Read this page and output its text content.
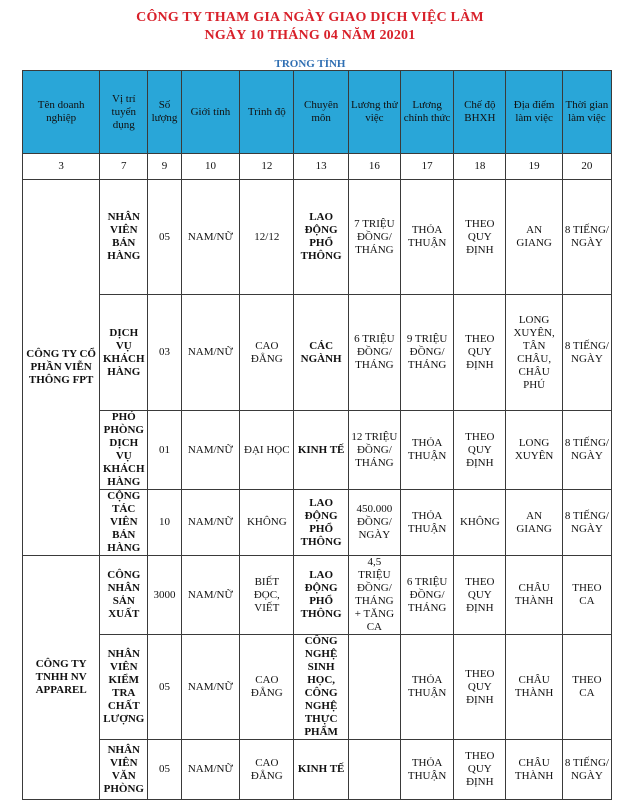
CÔNG TY THAM GIA NGÀY GIAO DỊCH VIỆC LÀM
NGÀY 10 THÁNG 04 NĂM 20201
TRONG TỈNH
Tên doanh nghiệp	Vị trí tuyển dụng	Số lượng	Giới tính	Trình độ	Chuyên môn	Lương thử việc	Lương chính thức	Chế độ BHXH	Địa điểm làm việc	Thời gian làm việc
3	7	9	10	12	13	16	17	18	19	20
CÔNG TY CỔ PHẦN VIỄN THÔNG FPT	NHÂN VIÊN BÁN HÀNG	05	NAM/NỮ	12/12	LAO ĐỘNG PHỔ THÔNG	7 TRIỆU ĐỒNG/ THÁNG	THỎA THUẬN	THEO QUY ĐỊNH	AN GIANG	8 TIẾNG/ NGÀY
	DỊCH VỤ KHÁCH HÀNG	03	NAM/NỮ	CAO ĐẲNG	CÁC NGÀNH	6 TRIỆU ĐỒNG/ THÁNG	9 TRIỆU ĐỒNG/ THÁNG	THEO QUY ĐỊNH	LONG XUYÊN, TÂN CHÂU, CHÂU PHÚ	8 TIẾNG/ NGÀY
	PHÓ PHÒNG DỊCH VỤ KHÁCH HÀNG	01	NAM/NỮ	ĐẠI HỌC	KINH TẾ	12 TRIỆU ĐỒNG/ THÁNG	THỎA THUẬN	THEO QUY ĐỊNH	LONG XUYÊN	8 TIẾNG/ NGÀY
	CỘNG TÁC VIÊN BÁN HÀNG	10	NAM/NỮ	KHÔNG	LAO ĐỘNG PHỔ THÔNG	450.000 ĐỒNG/ NGÀY	THỎA THUẬN	KHÔNG	AN GIANG	8 TIẾNG/ NGÀY
CÔNG TY TNHH NV APPAREL	CÔNG NHÂN SẢN XUẤT	3000	NAM/NỮ	BIẾT ĐỌC, VIẾT	LAO ĐỘNG PHỔ THÔNG	4,5 TRIỆU ĐỒNG/ THÁNG + TĂNG CA	6 TRIỆU ĐỒNG/ THÁNG	THEO QUY ĐỊNH	CHÂU THÀNH	THEO CA
	NHÂN VIÊN KIỂM TRA CHẤT LƯỢNG	05	NAM/NỮ	CAO ĐẲNG	CÔNG NGHỆ SINH HỌC, CÔNG NGHỆ THỰC PHẨM		THỎA THUẬN	THEO QUY ĐỊNH	CHÂU THÀNH	THEO CA
	NHÂN VIÊN VĂN PHÒNG	05	NAM/NỮ	CAO ĐẲNG	KINH TẾ		THỎA THUẬN	THEO QUY ĐỊNH	CHÂU THÀNH	8 TIẾNG/ NGÀY
